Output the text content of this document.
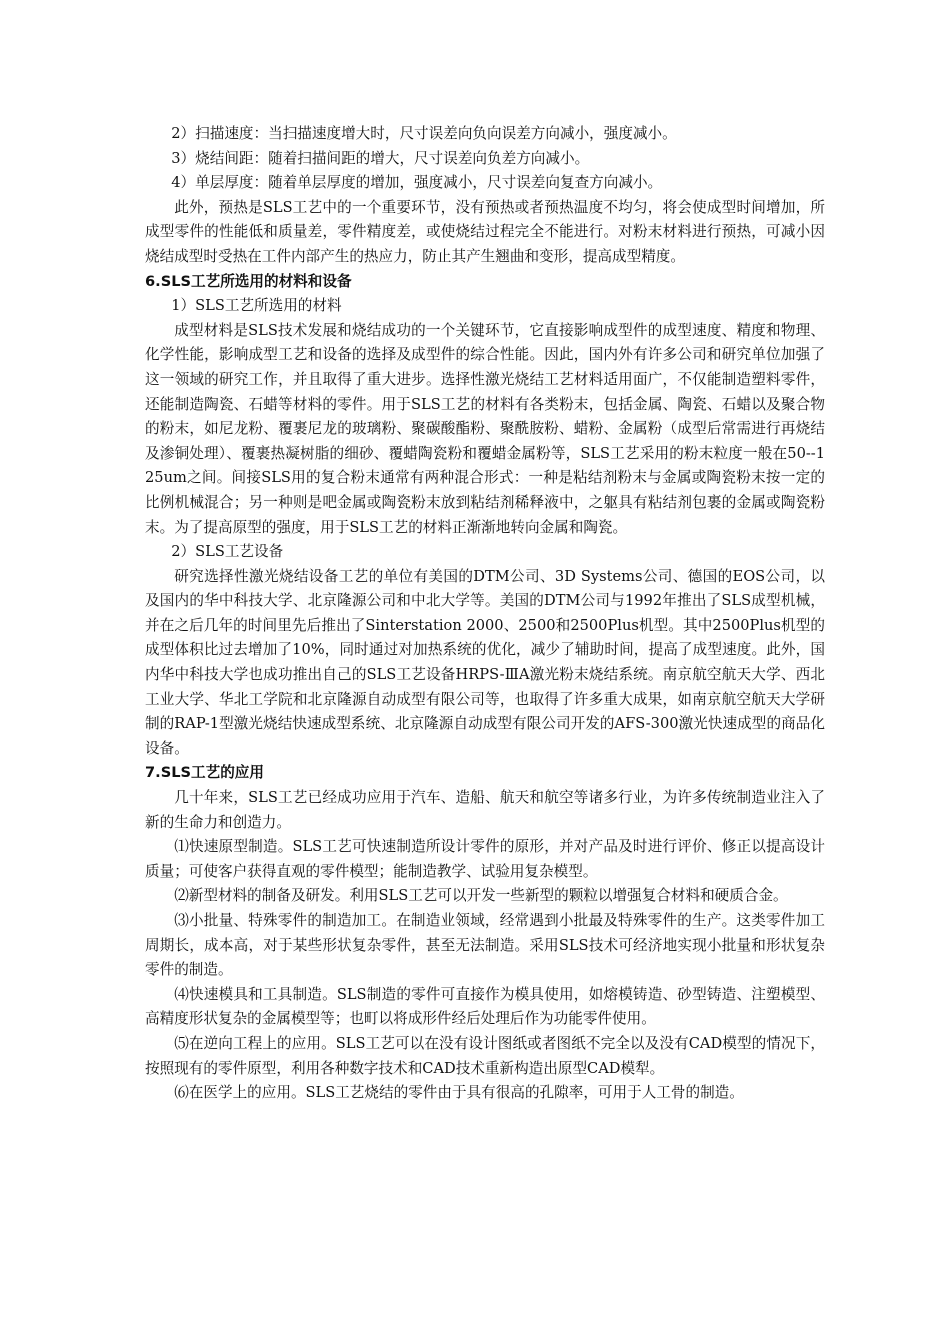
2）扫描速度：当扫描速度增大时，尺寸误差向负向误差方向减小，强度减小。

3）烧结间距：随着扫描间距的增大，尺寸误差向负差方向减小。

4）单层厚度：随着单层厚度的增加，强度减小，尺寸误差向复查方向减小。

此外，预热是SLS工艺中的一个重要环节，没有预热或者预热温度不均匀，将会使成型时间增加，所成型零件的性能低和质量差，零件精度差，或使烧结过程完全不能进行。对粉末材料进行预热，可减小因烧结成型时受热在工件内部产生的热应力，防止其产生翘曲和变形，提高成型精度。

6.SLS工艺所选用的材料和设备

1）SLS工艺所选用的材料

成型材料是SLS技术发展和烧结成功的一个关键环节，它直接影响成型件的成型速度、精度和物理、化学性能，影响成型工艺和设备的选择及成型件的综合性能。因此，国内外有许多公司和研究单位加强了这一领域的研究工作，并且取得了重大进步。选择性激光烧结工艺材料适用面广，不仅能制造塑料零件，还能制造陶瓷、石蜡等材料的零件。用于SLS工艺的材料有各类粉末，包括金属、陶瓷、石蜡以及聚合物的粉末，如尼龙粉、覆裹尼龙的玻璃粉、聚碳酸酯粉、聚酰胺粉、蜡粉、金属粉（成型后常需进行再烧结及渗铜处理）、覆裹热凝树脂的细砂、覆蜡陶瓷粉和覆蜡金属粉等，SLS工艺采用的粉末粒度一般在50--125um之间。间接SLS用的复合粉末通常有两种混合形式：一种是粘结剂粉末与金属或陶瓷粉末按一定的比例机械混合；另一种则是吧金属或陶瓷粉末放到粘结剂稀释液中，之躯具有粘结剂包裹的金属或陶瓷粉末。为了提高原型的强度，用于SLS工艺的材料正渐渐地转向金属和陶瓷。

2）SLS工艺设备

研究选择性激光烧结设备工艺的单位有美国的DTM公司、3D Systems公司、德国的EOS公司，以及国内的华中科技大学、北京隆源公司和中北大学等。美国的DTM公司与1992年推出了SLS成型机械，并在之后几年的时间里先后推出了Sinterstation 2000、2500和2500Plus机型。其中2500Plus机型的成型体积比过去增加了10%，同时通过对加热系统的优化，减少了辅助时间，提高了成型速度。此外，国内华中科技大学也成功推出自己的SLS工艺设备HRPS-ⅢA激光粉末烧结系统。南京航空航天大学、西北工业大学、华北工学院和北京隆源自动成型有限公司等，也取得了许多重大成果，如南京航空航天大学研制的RAP-1型激光烧结快速成型系统、北京隆源自动成型有限公司开发的AFS-300激光快速成型的商品化设备。

7.SLS工艺的应用

几十年来，SLS工艺已经成功应用于汽车、造船、航天和航空等诸多行业，为许多传统制造业注入了新的生命力和创造力。

⑴快速原型制造。SLS工艺可快速制造所设计零件的原形，并对产品及时进行评价、修正以提高设计质量；可使客户获得直观的零件模型；能制造教学、试验用复杂模型。

⑵新型材料的制备及研发。利用SLS工艺可以开发一些新型的颗粒以增强复合材料和硬质合金。

⑶小批量、特殊零件的制造加工。在制造业领域，经常遇到小批最及特殊零件的生产。这类零件加工周期长，成本高，对于某些形状复杂零件，甚至无法制造。采用SLS技术可经济地实现小批量和形状复杂零件的制造。

⑷快速模具和工具制造。SLS制造的零件可直接作为模具使用，如熔模铸造、砂型铸造、注塑模型、高精度形状复杂的金属模型等；也町以将成形件经后处理后作为功能零件使用。

⑸在逆向工程上的应用。SLS工艺可以在没有设计图纸或者图纸不完全以及没有CAD模型的情况下，按照现有的零件原型，利用各种数字技术和CAD技术重新构造出原型CAD模犁。

⑹在医学上的应用。SLS工艺烧结的零件由于具有很高的孔隙率，可用于人工骨的制造。
